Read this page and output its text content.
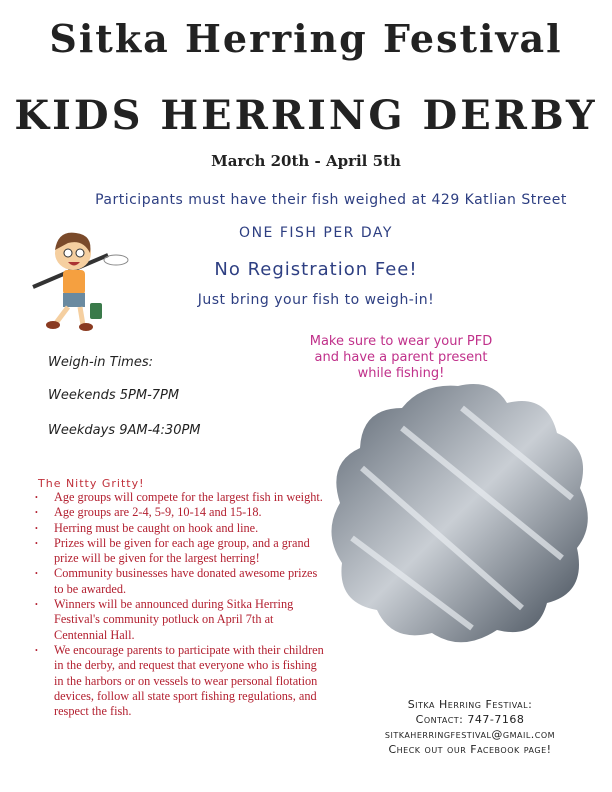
Sitka Herring Festival
KIDS HERRING DERBY
March 20th - April 5th
Participants must have their fish weighed at 429 Katlian Street
ONE FISH PER DAY
No Registration Fee!
Just bring your fish to weigh-in!
Make sure to wear your PFD
and have a parent present
while fishing!
Weigh-in Times:
Weekends 5PM-7PM
Weekdays 9AM-4:30PM
The Nitty Gritty!
• Age groups will compete for the largest fish in weight.
• Age groups are 2-4, 5-9, 10-14 and 15-18.
• Herring must be caught on hook and line.
• Prizes will be given for each age group, and a grand prize will be given for the largest herring!
• Community businesses have donated awesome prizes to be awarded.
• Winners will be announced during Sitka Herring Festival's community potluck on April 7th at Centennial Hall.
• We encourage parents to participate with their children in the derby, and request that everyone who is fishing in the harbors or on vessels to wear personal flotation devices, follow all state sport fishing regulations, and respect the fish.	Sitka Herring Festival:
Contact: 747-7168
sitkaherringfestival@gmail.com
Check out our Facebook page!
